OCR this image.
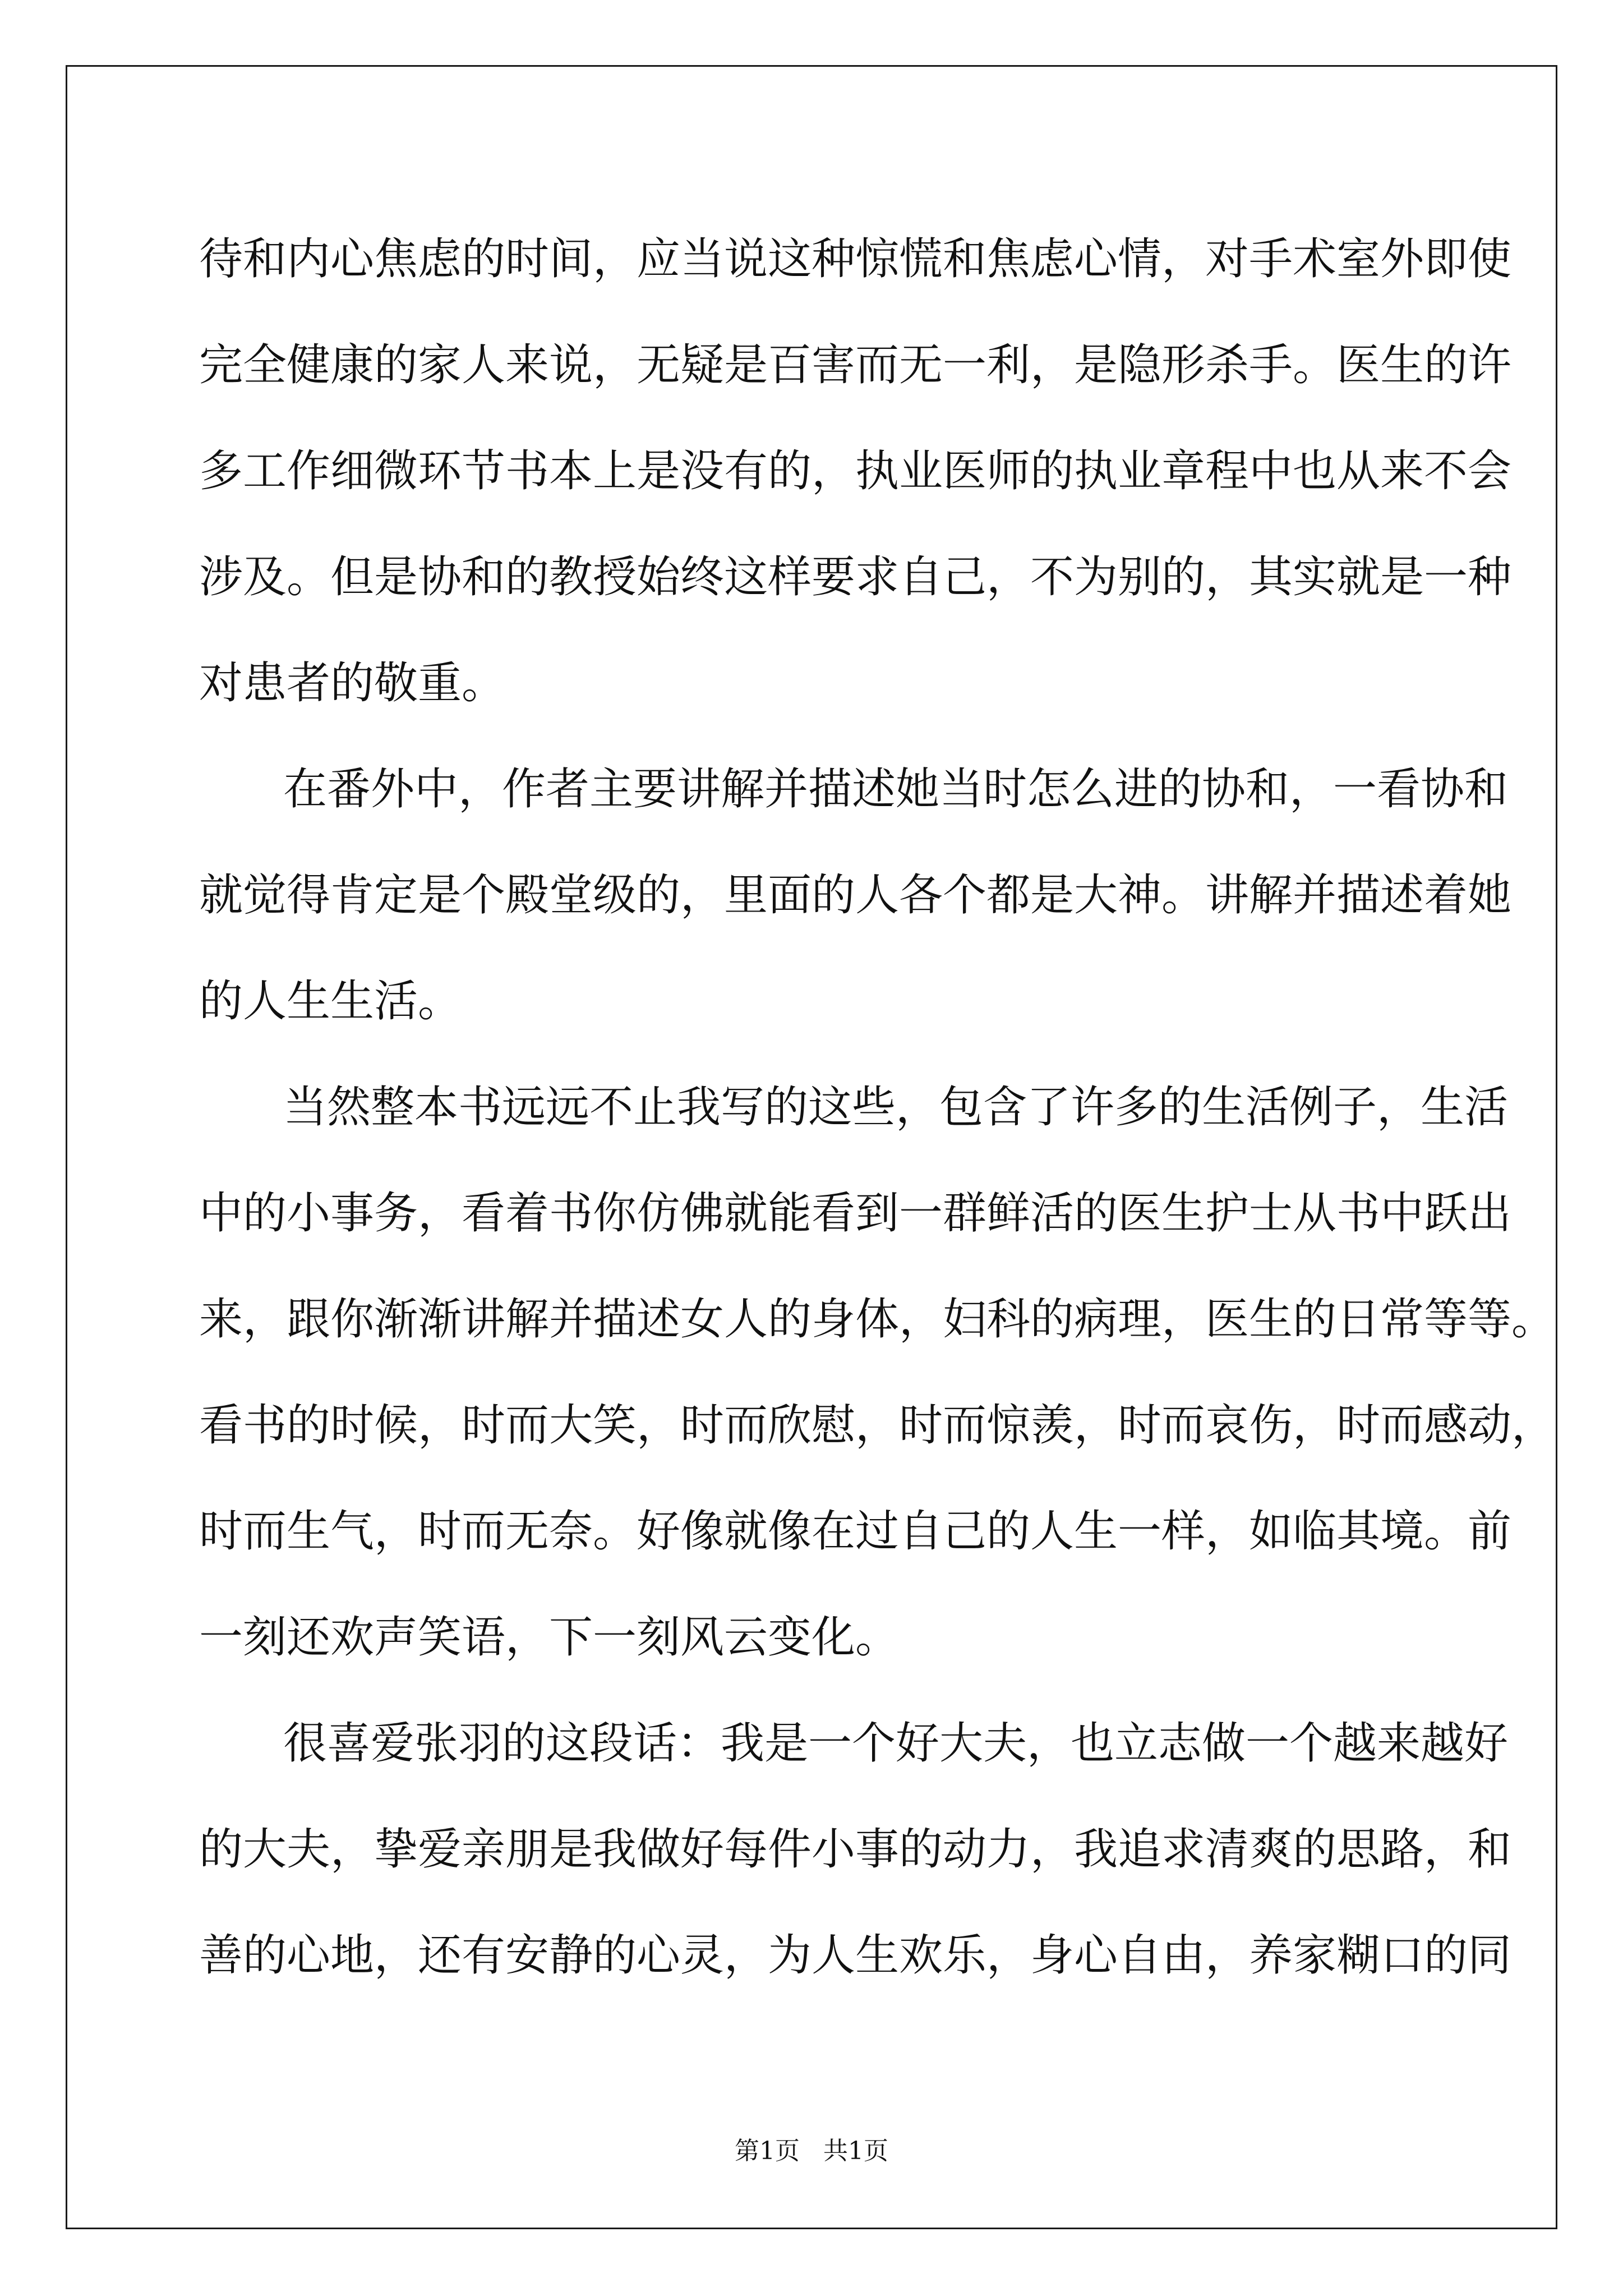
待和内心焦虑的时间，应当说这种惊慌和焦虑心情，对手术室外即使
完全健康的家人来说，无疑是百害而无一利，是隐形杀手。医生的许
多工作细微环节书本上是没有的，执业医师的执业章程中也从来不会
涉及。但是协和的教授始终这样要求自己，不为别的，其实就是一种
对患者的敬重。
在番外中，作者主要讲解并描述她当时怎么进的协和，一看协和
就觉得肯定是个殿堂级的，里面的人各个都是大神。讲解并描述着她
的人生生活。
当然整本书远远不止我写的这些，包含了许多的生活例子，生活
中的小事务，看着书你仿佛就能看到一群鲜活的医生护士从书中跃出
来，跟你渐渐讲解并描述女人的身体，妇科的病理，医生的日常等等。
看书的时候，时而大笑，时而欣慰，时而惊羡，时而哀伤，时而感动，
时而生气，时而无奈。好像就像在过自己的人生一样，如临其境。前
一刻还欢声笑语，下一刻风云变化。
很喜爱张羽的这段话：我是一个好大夫，也立志做一个越来越好
的大夫，挚爱亲朋是我做好每件小事的动力，我追求清爽的思路，和
善的心地，还有安静的心灵，为人生欢乐，身心自由，养家糊口的同
第1页   共1页
